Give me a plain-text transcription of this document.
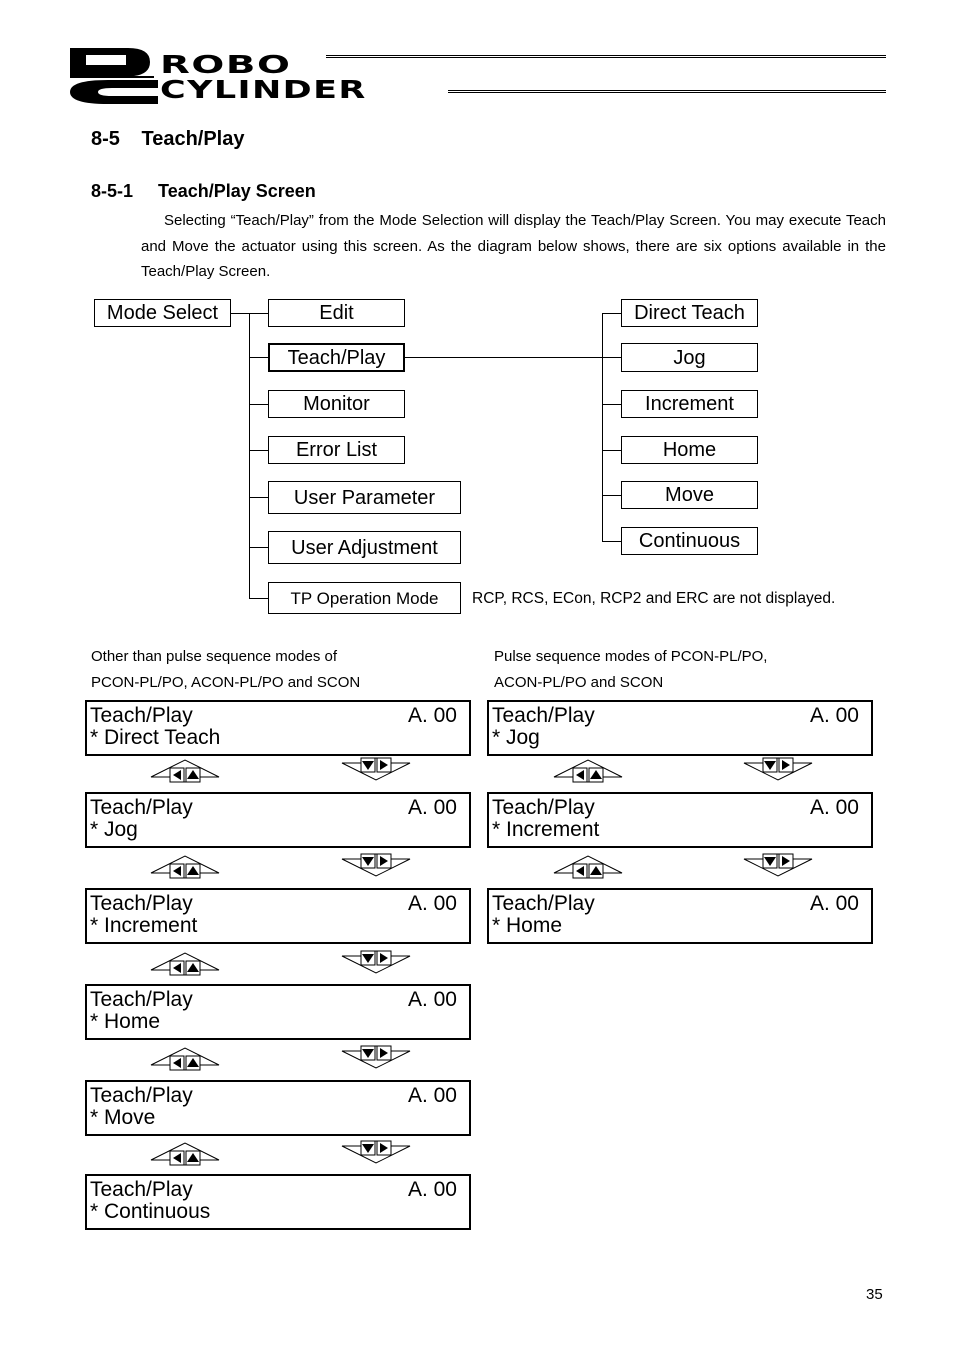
ROBO
CYLINDER
8-5 Teach/Play
8-5-1 Teach/Play Screen
Selecting “Teach/Play” from the Mode Selection will display the Teach/Play Screen. You may execute Teach and Move the actuator using this screen. As the diagram below shows, there are six options available in the Teach/Play Screen.
Mode Select	Edit
Teach/Play
Monitor
Error List
User Parameter
User Adjustment
TP Operation Mode	RCP, RCS, ECon, RCP2 and ERC are not displayed.
Direct Teach
Jog
Increment
Home
Move
Continuous
Other than pulse sequence modes of
PCON-PL/PO, ACON-PL/PO and SCON
Pulse sequence modes of PCON-PL/PO,
ACON-PL/PO and SCON
Teach/Play	A. 00
* Direct Teach
Teach/Play	A. 00
* Jog
Teach/Play	A. 00
* Increment
Teach/Play	A. 00
* Home
Teach/Play	A. 00
* Move
Teach/Play	A. 00
* Continuous
Teach/Play	A. 00
* Jog
Teach/Play	A. 00
* Increment
Teach/Play	A. 00
* Home
35
